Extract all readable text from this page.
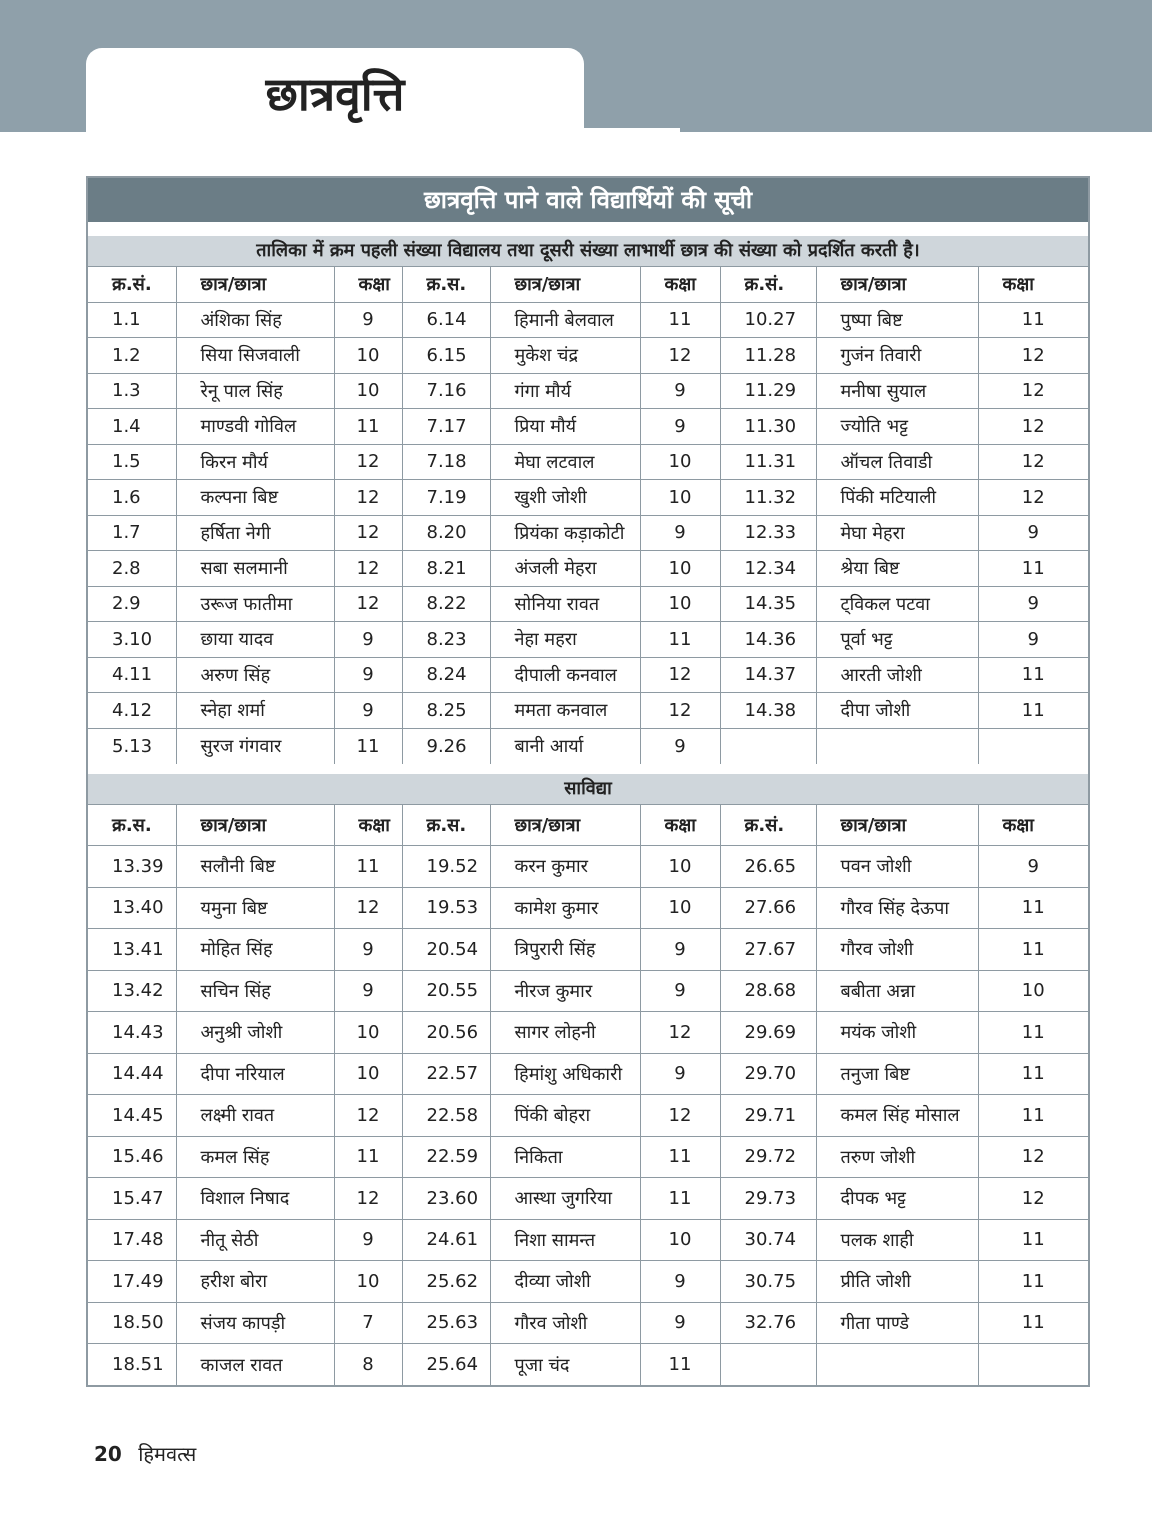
छात्रवृत्ति
छात्रवृत्ति पाने वाले विद्यार्थियों की सूची
तालिका में क्रम पहली संख्या विद्यालय तथा दूसरी संख्या लाभार्थी छात्र की संख्या को प्रदर्शित करती है।
क्र.सं.	छात्र/छात्रा	कक्षा	क्र.स.	छात्र/छात्रा	कक्षा	क्र.सं.	छात्र/छात्रा	कक्षा
1.1	अंशिका सिंह	9	6.14	हिमानी बेलवाल	11	10.27	पुष्पा बिष्ट	11
1.2	सिया सिजवाली	10	6.15	मुकेश चंद्र	12	11.28	गुजंन तिवारी	12
1.3	रेनू पाल सिंह	10	7.16	गंगा मौर्य	9	11.29	मनीषा सुयाल	12
1.4	माण्डवी गोविल	11	7.17	प्रिया मौर्य	9	11.30	ज्योति भट्ट	12
1.5	किरन मौर्य	12	7.18	मेघा लटवाल	10	11.31	ऑचल तिवाडी	12
1.6	कल्पना बिष्ट	12	7.19	खुशी जोशी	10	11.32	पिंकी मटियाली	12
1.7	हर्षिता नेगी	12	8.20	प्रियंका कड़ाकोटी	9	12.33	मेघा मेहरा	9
2.8	सबा सलमानी	12	8.21	अंजली मेहरा	10	12.34	श्रेया बिष्ट	11
2.9	उरूज फातीमा	12	8.22	सोनिया रावत	10	14.35	ट्विकल पटवा	9
3.10	छाया यादव	9	8.23	नेहा महरा	11	14.36	पूर्वा भट्ट	9
4.11	अरुण सिंह	9	8.24	दीपाली कनवाल	12	14.37	आरती जोशी	11
4.12	स्नेहा शर्मा	9	8.25	ममता कनवाल	12	14.38	दीपा जोशी	11
5.13	सुरज गंगवार	11	9.26	बानी आर्या	9			
साविद्या
क्र.स.	छात्र/छात्रा	कक्षा	क्र.स.	छात्र/छात्रा	कक्षा	क्र.सं.	छात्र/छात्रा	कक्षा
13.39	सलौनी बिष्ट	11	19.52	करन कुमार	10	26.65	पवन जोशी	9
13.40	यमुना बिष्ट	12	19.53	कामेश कुमार	10	27.66	गौरव सिंह देऊपा	11
13.41	मोहित सिंह	9	20.54	त्रिपुरारी सिंह	9	27.67	गौरव जोशी	11
13.42	सचिन सिंह	9	20.55	नीरज कुमार	9	28.68	बबीता अन्ना	10
14.43	अनुश्री जोशी	10	20.56	सागर लोहनी	12	29.69	मयंक जोशी	11
14.44	दीपा नरियाल	10	22.57	हिमांशु अधिकारी	9	29.70	तनुजा बिष्ट	11
14.45	लक्ष्मी रावत	12	22.58	पिंकी बोहरा	12	29.71	कमल सिंह मोसाल	11
15.46	कमल सिंह	11	22.59	निकिता	11	29.72	तरुण जोशी	12
15.47	विशाल निषाद	12	23.60	आस्था जुगरिया	11	29.73	दीपक भट्ट	12
17.48	नीतू सेठी	9	24.61	निशा सामन्त	10	30.74	पलक शाही	11
17.49	हरीश बोरा	10	25.62	दीव्या जोशी	9	30.75	प्रीति जोशी	11
18.50	संजय कापड़ी	7	25.63	गौरव जोशी	9	32.76	गीता पाण्डे	11
18.51	काजल रावत	8	25.64	पूजा चंद	11			
20 हिमवत्स
